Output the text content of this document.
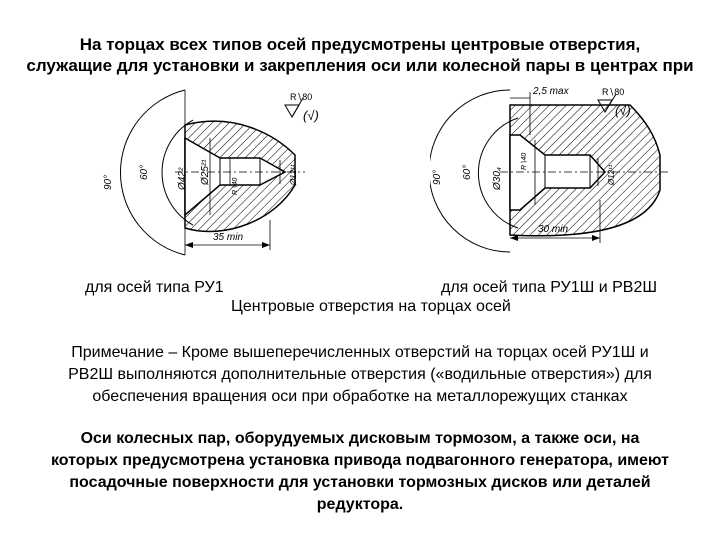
На торцах всех типов осей предусмотрены центровые отверстия,
служащие для установки и закрепления оси или колесной пары в центрах при
R∖80
(√)
90°
60°	Ø42² Ø25²¹
R∖40
Ø12¹¹
35 min
2,5 max	R∖80
(√)
90° 60° Ø30₄
R∖40
Ø12¹¹
30 min
для осей типа РУ1	для осей типа РУ1Ш и РВ2Ш
Центровые отверстия на торцах осей
Примечание – Кроме вышеперечисленных отверстий на торцах осей РУ1Ш и
РВ2Ш выполняются дополнительные отверстия («водильные отверстия») для
обеспечения вращения оси при обработке на металлорежущих станках
Оси колесных пар, оборудуемых дисковым тормозом, а также оси, на
которых предусмотрена установка привода подвагонного генератора, имеют
посадочные поверхности для установки тормозных дисков или деталей
редуктора.
